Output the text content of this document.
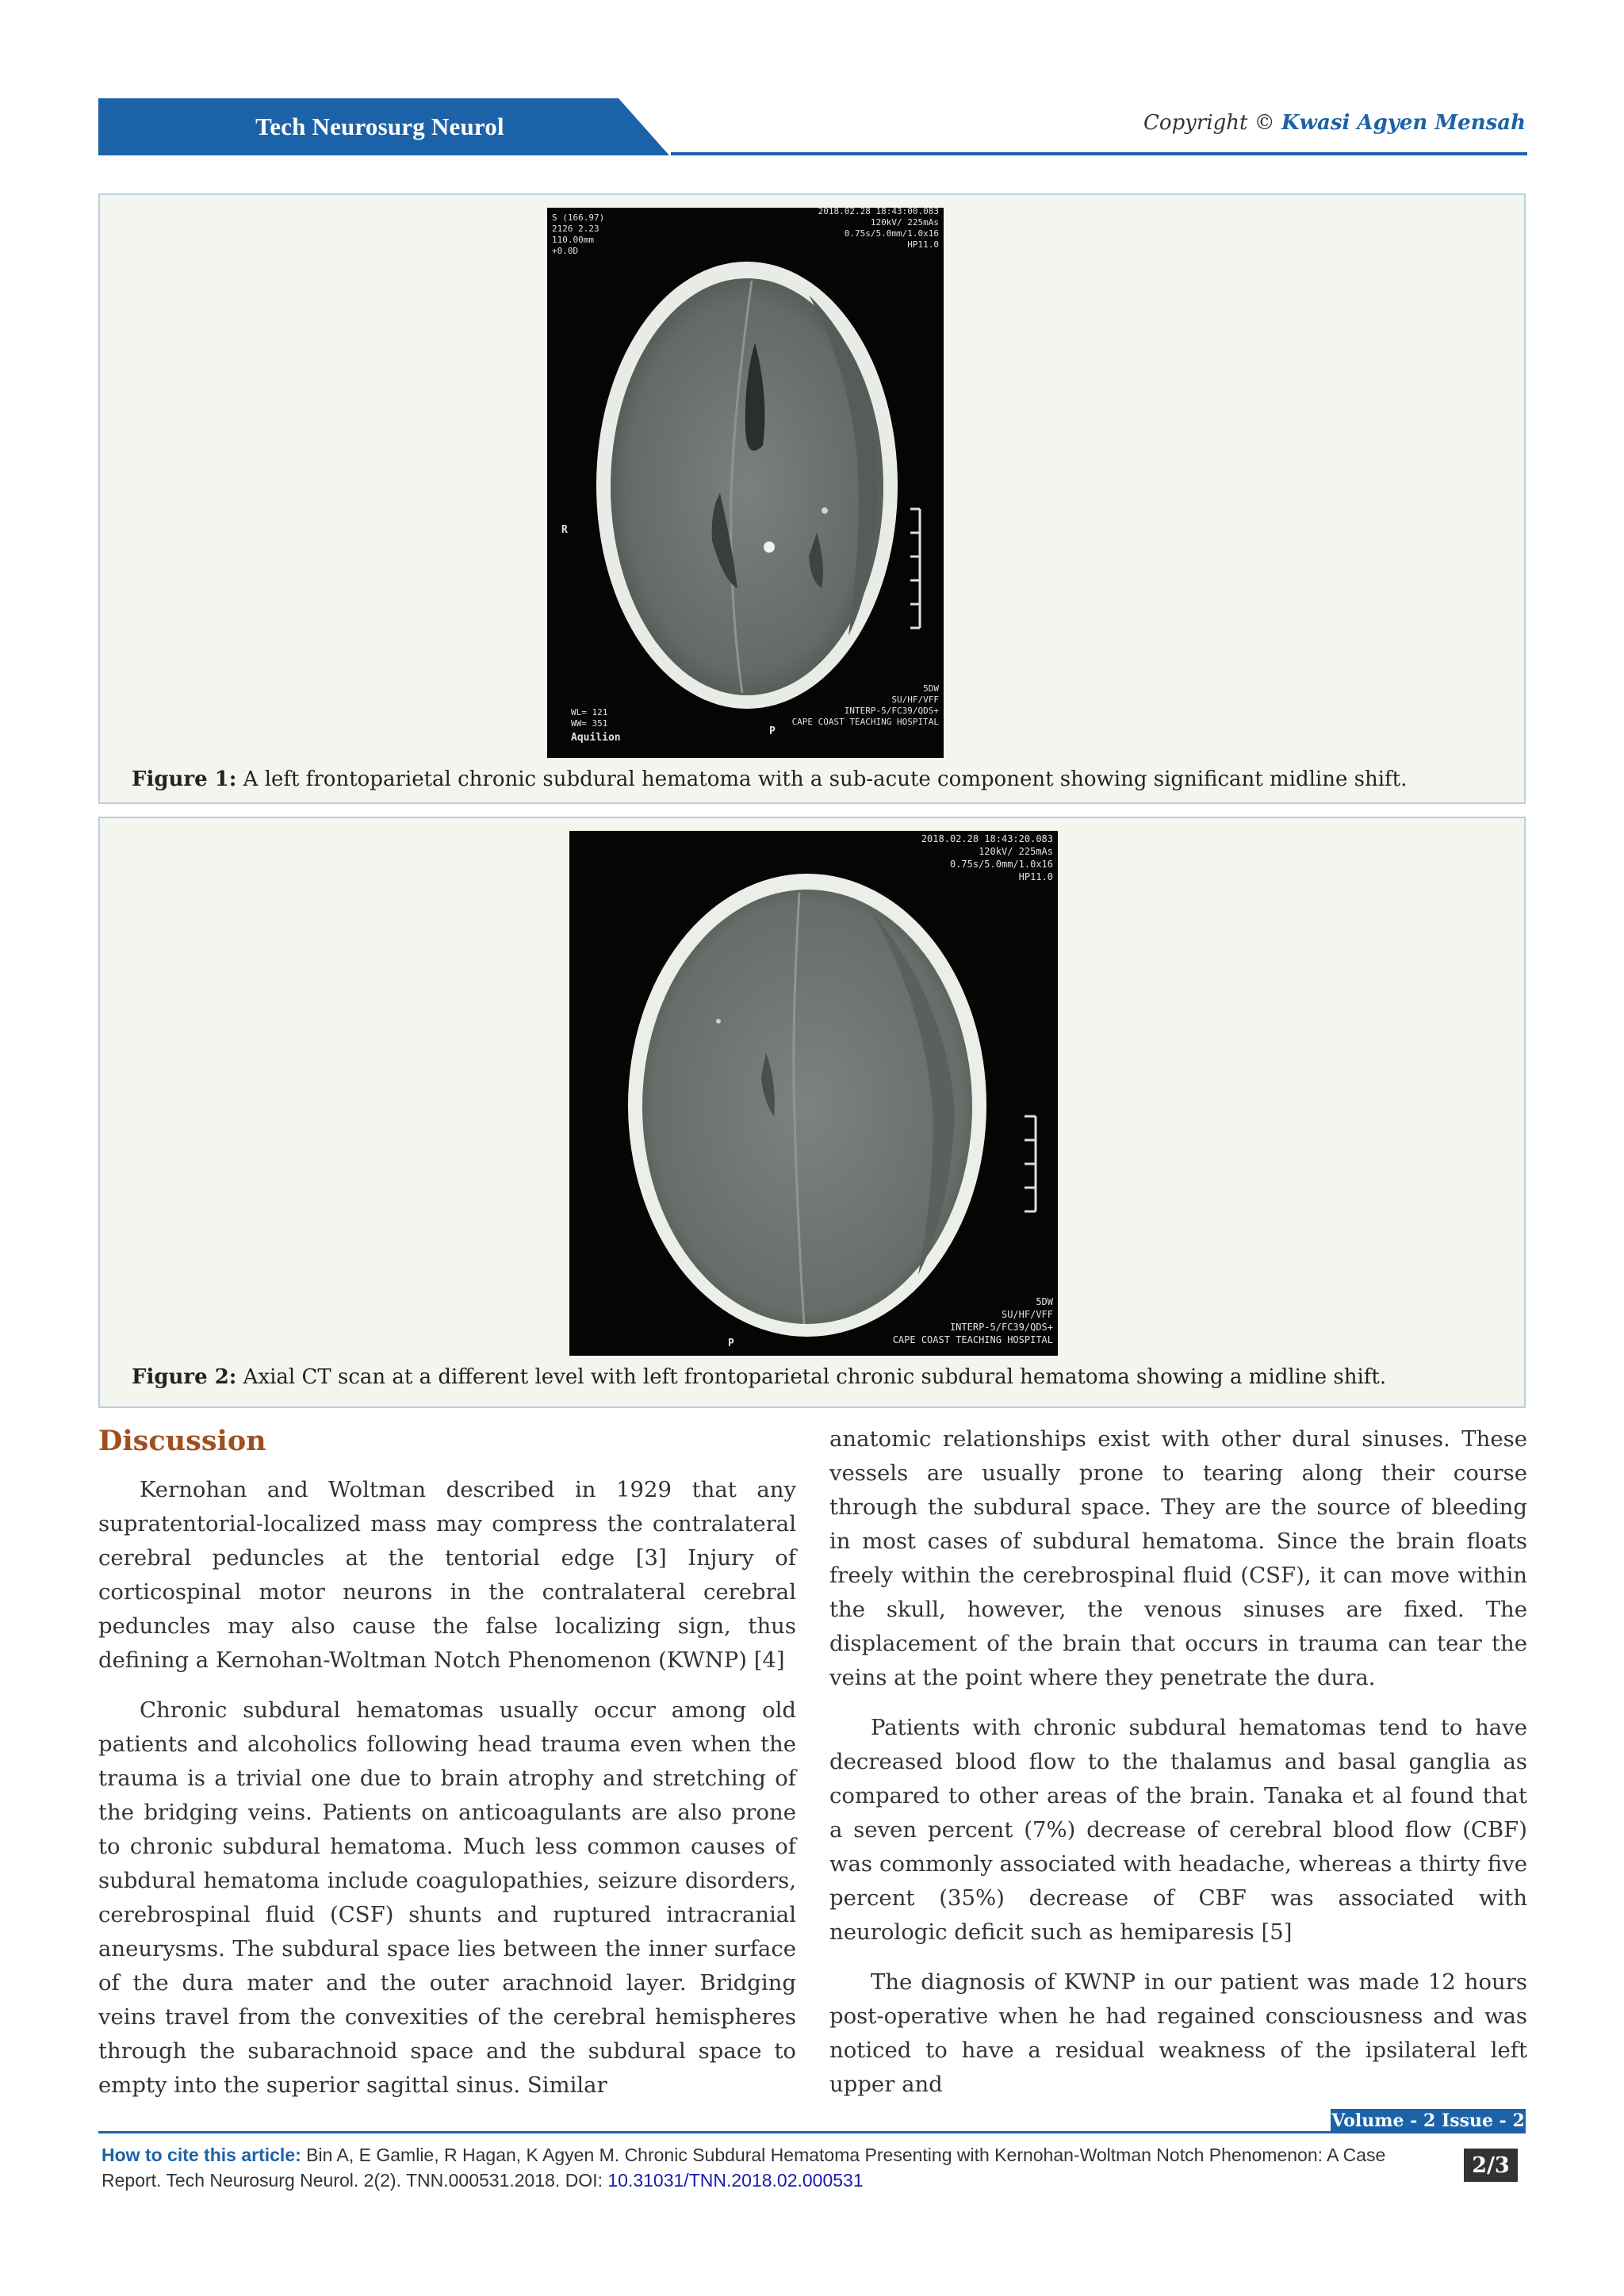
Tech Neurosurg Neurol	Copyright © Kwasi Agyen Mensah
S (166.97)
2126 2.23
110.00mm
+0.0D
2018.02.28 18:43:00.083
120kV/ 225mAs
0.75s/5.0mm/1.0x16
HP11.0
R
5DW
SU/HF/VFF
INTERP-5/FC39/QDS+
CAPE COAST TEACHING HOSPITAL
WL= 121
WW= 351
Aquilion
P
Figure 1: A left frontoparietal chronic subdural hematoma with a sub-acute component showing significant midline shift.
2018.02.28 18:43:20.083
120kV/ 225mAs
0.75s/5.0mm/1.0x16
HP11.0
5DW
SU/HF/VFF
INTERP-5/FC39/QDS+
CAPE COAST TEACHING HOSPITAL
P
Figure 2: Axial CT scan at a different level with left frontoparietal chronic subdural hematoma showing a midline shift.
Discussion

Kernohan and Woltman described in 1929 that any supratentorial-localized mass may compress the contralateral cerebral peduncles at the tentorial edge [3] Injury of corticospinal motor neurons in the contralateral cerebral peduncles may also cause the false localizing sign, thus defining a Kernohan-Woltman Notch Phenomenon (KWNP) [4]

Chronic subdural hematomas usually occur among old patients and alcoholics following head trauma even when the trauma is a trivial one due to brain atrophy and stretching of the bridging veins. Patients on anticoagulants are also prone to chronic subdural hematoma. Much less common causes of subdural hematoma include coagulopathies, seizure disorders, cerebrospinal fluid (CSF) shunts and ruptured intracranial aneurysms. The subdural space lies between the inner surface of the dura mater and the outer arachnoid layer. Bridging veins travel from the convexities of the cerebral hemispheres through the subarachnoid space and the subdural space to empty into the superior sagittal sinus. Similar

anatomic relationships exist with other dural sinuses. These vessels are usually prone to tearing along their course through the subdural space. They are the source of bleeding in most cases of subdural hematoma. Since the brain floats freely within the cerebrospinal fluid (CSF), it can move within the skull, however, the venous sinuses are fixed. The displacement of the brain that occurs in trauma can tear the veins at the point where they penetrate the dura.

Patients with chronic subdural hematomas tend to have decreased blood flow to the thalamus and basal ganglia as compared to other areas of the brain. Tanaka et al found that a seven percent (7%) decrease of cerebral blood flow (CBF) was commonly associated with headache, whereas a thirty five percent (35%) decrease of CBF was associated with neurologic deficit such as hemiparesis [5]

The diagnosis of KWNP in our patient was made 12 hours post-operative when he had regained consciousness and was noticed to have a residual weakness of the ipsilateral left upper and

Volume - 2 Issue - 2
How to cite this article: Bin A, E Gamlie, R Hagan, K Agyen M. Chronic Subdural Hematoma Presenting with Kernohan-Woltman Notch Phenomenon: A Case Report. Tech Neurosurg Neurol. 2(2). TNN.000531.2018. DOI: 10.31031/TNN.2018.02.000531
2/3
